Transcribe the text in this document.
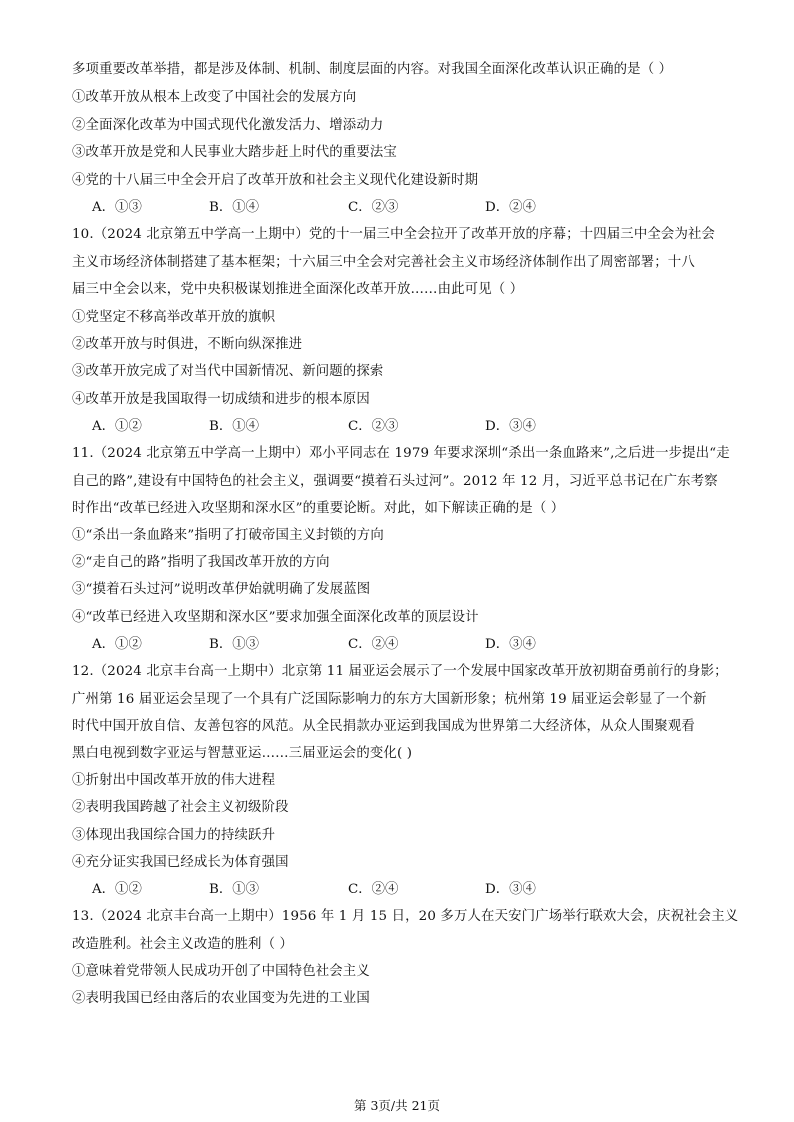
多项重要改革举措，都是涉及体制、机制、制度层面的内容。对我国全面深化改革认识正确的是（ ）
①改革开放从根本上改变了中国社会的发展方向
②全面深化改革为中国式现代化激发活力、增添动力
③改革开放是党和人民事业大踏步赶上时代的重要法宝
④党的十八届三中全会开启了改革开放和社会主义现代化建设新时期
A．①③	B．①④	C．②③	D．②④
10.（2024 北京第五中学高一上期中）党的十一届三中全会拉开了改革开放的序幕；十四届三中全会为社会
主义市场经济体制搭建了基本框架；十六届三中全会对完善社会主义市场经济体制作出了周密部署；十八
届三中全会以来，党中央积极谋划推进全面深化改革开放……由此可见（ ）
①党坚定不移高举改革开放的旗帜
②改革开放与时俱进，不断向纵深推进
③改革开放完成了对当代中国新情况、新问题的探索
④改革开放是我国取得一切成绩和进步的根本原因
A．①②	B．①④	C．②③	D．③④
11.（2024 北京第五中学高一上期中）邓小平同志在 1979 年要求深圳“杀出一条血路来”,之后进一步提出“走
自己的路”,建设有中国特色的社会主义，强调要“摸着石头过河”。2012 年 12 月，习近平总书记在广东考察
时作出“改革已经进入攻坚期和深水区”的重要论断。对此，如下解读正确的是（ ）
①“杀出一条血路来”指明了打破帝国主义封锁的方向
②“走自己的路”指明了我国改革开放的方向
③“摸着石头过河”说明改革伊始就明确了发展蓝图
④“改革已经进入攻坚期和深水区”要求加强全面深化改革的顶层设计
A．①②	B．①③	C．②④	D．③④
12.（2024 北京丰台高一上期中）北京第 11 届亚运会展示了一个发展中国家改革开放初期奋勇前行的身影；
广州第 16 届亚运会呈现了一个具有广泛国际影响力的东方大国新形象；杭州第 19 届亚运会彰显了一个新
时代中国开放自信、友善包容的风范。从全民捐款办亚运到我国成为世界第二大经济体，从众人围聚观看
黑白电视到数字亚运与智慧亚运……三届亚运会的变化( )
①折射出中国改革开放的伟大进程
②表明我国跨越了社会主义初级阶段
③体现出我国综合国力的持续跃升
④充分证实我国已经成长为体育强国
A．①②	B．①③	C．②④	D．③④
13.（2024 北京丰台高一上期中）1956 年 1 月 15 日，20 多万人在天安门广场举行联欢大会，庆祝社会主义
改造胜利。社会主义改造的胜利（ ）
①意味着党带领人民成功开创了中国特色社会主义
②表明我国已经由落后的农业国变为先进的工业国
第 3页/共 21页
